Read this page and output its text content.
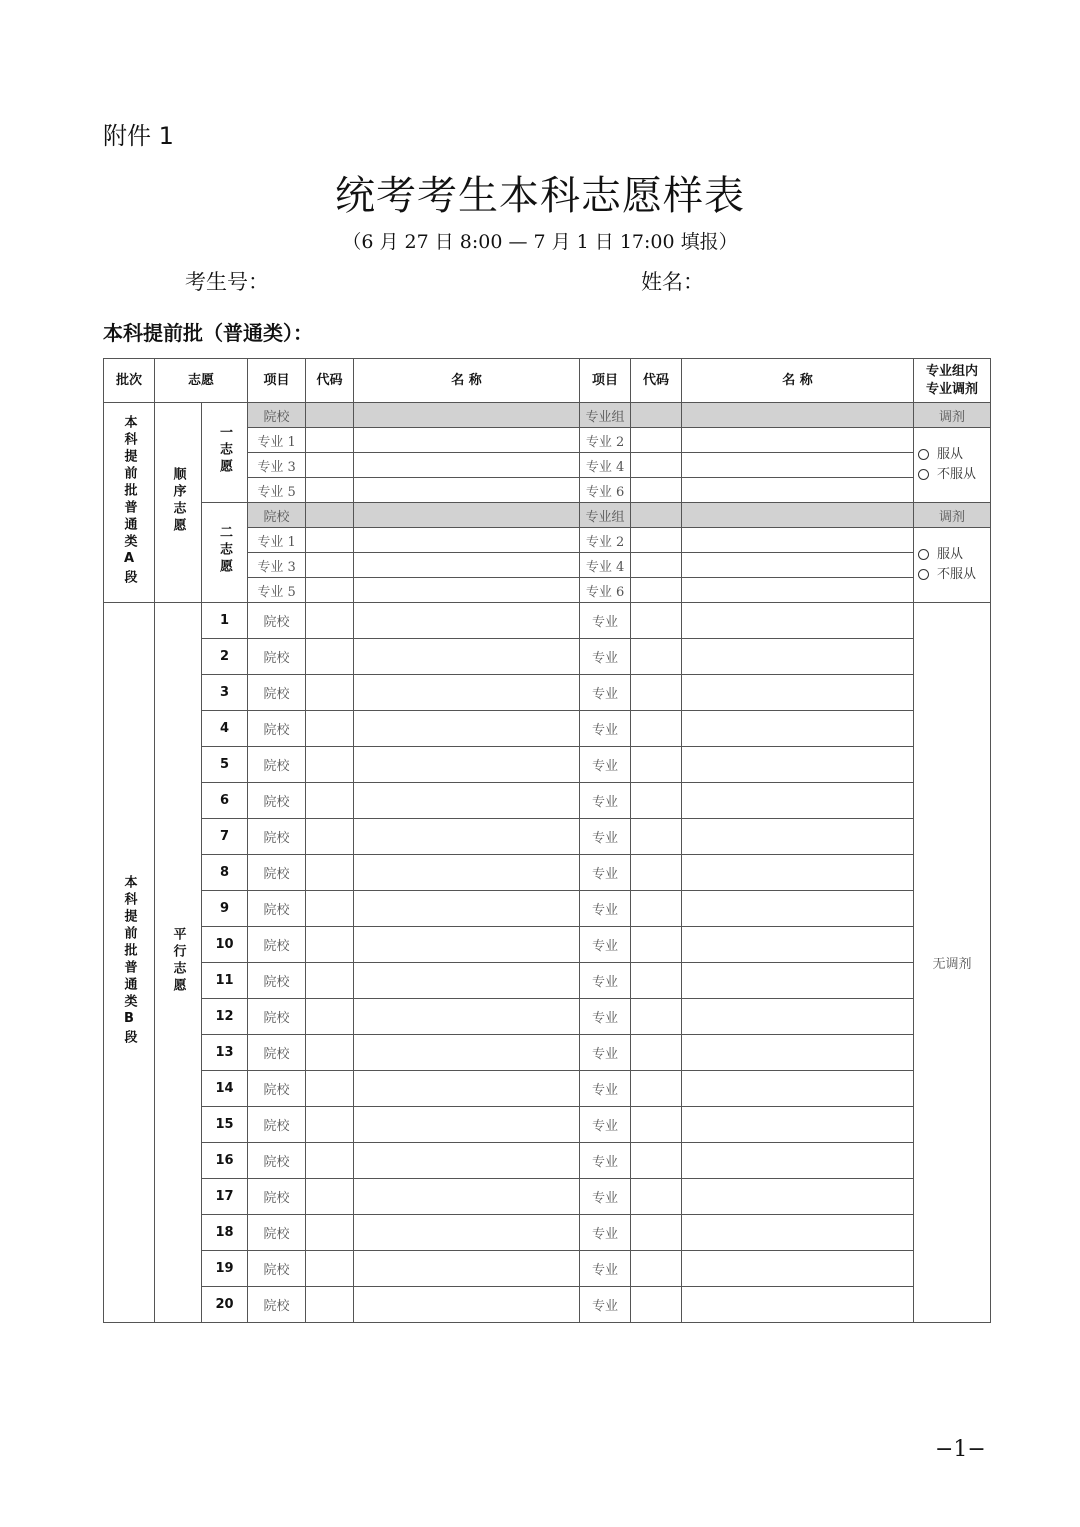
附件 1
统考考生本科志愿样表
（6 月 27 日 8:00 — 7 月 1 日 17:00 填报）
考生号：	姓名：
本科提前批（普通类）：
批次	志愿		项目	代码	名 称	项目	代码	名 称	专业组内
专业调剂

本科提前批普通类A段	顺序志愿	一志愿	院校			专业组			调剂
			专业 1			专业 2			服从
不服从

			专业 3			专业 4			
			专业 5			专业 6			
		二志愿	院校			专业组			调剂
			专业 1			专业 2			服从
不服从

			专业 3			专业 4			
			专业 5			专业 6			
本科提前批普通类B段	平行志愿	1	院校			专业			无调剂
		2	院校			专业			
		3	院校			专业			
		4	院校			专业			
		5	院校			专业			
		6	院校			专业			
		7	院校			专业			
		8	院校			专业			
		9	院校			专业			
		10	院校			专业			
		11	院校			专业			
		12	院校			专业			
		13	院校			专业			
		14	院校			专业			
		15	院校			专业			
		16	院校			专业			
		17	院校			专业			
		18	院校			专业			
		19	院校			专业			
		20	院校			专业			
−1−
